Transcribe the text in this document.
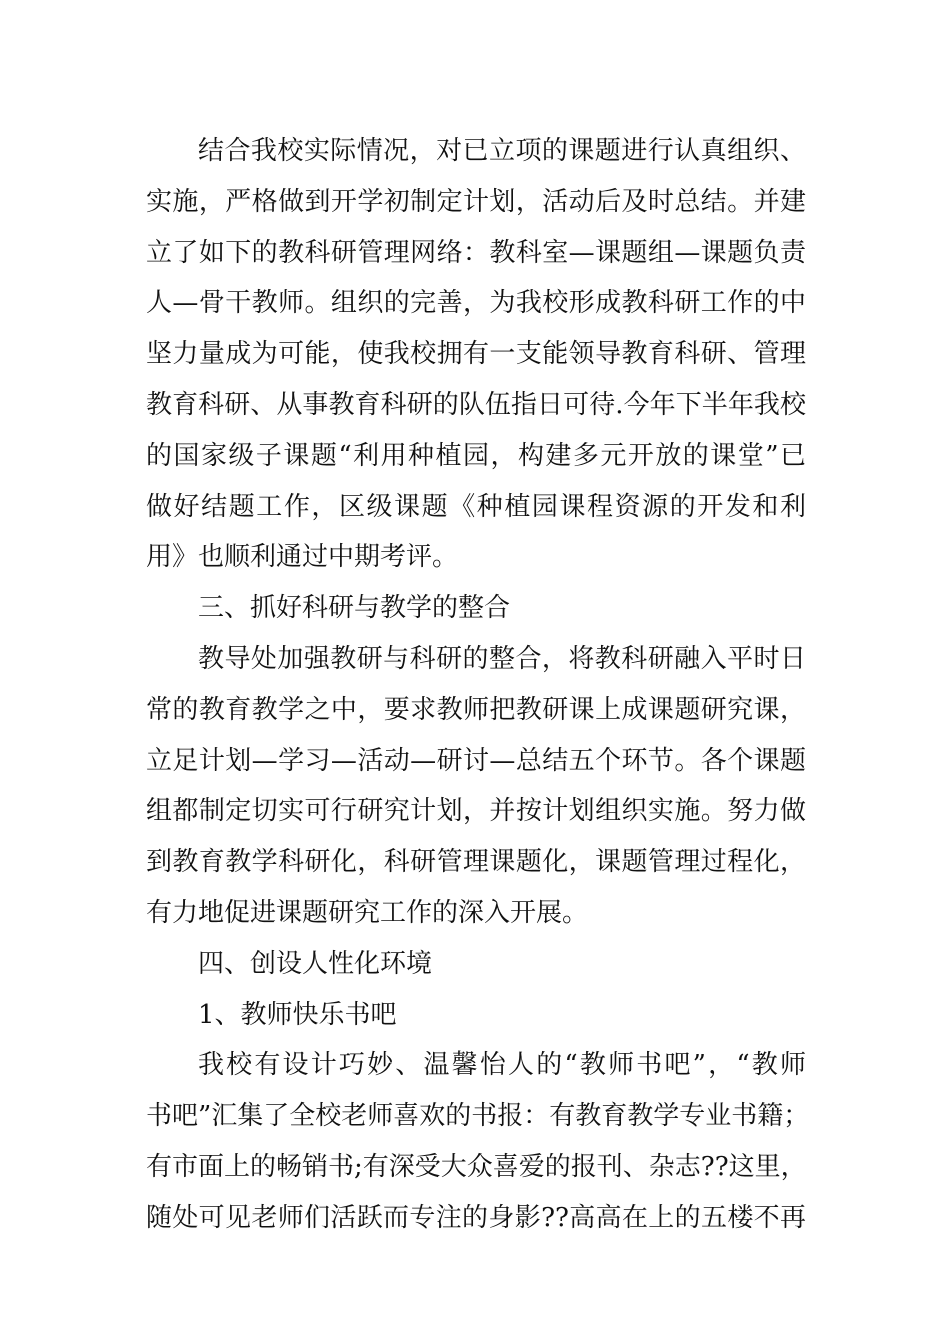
结合我校实际情况，对已立项的课题进行认真组织、
实施，严格做到开学初制定计划，活动后及时总结。并建
立了如下的教科研管理网络：教科室—课题组—课题负责
人—骨干教师。组织的完善，为我校形成教科研工作的中
坚力量成为可能，使我校拥有一支能领导教育科研、管理
教育科研、从事教育科研的队伍指日可待.今年下半年我校
的国家级子课题“利用种植园，构建多元开放的课堂”已
做好结题工作，区级课题《种植园课程资源的开发和利
用》也顺利通过中期考评。
三、抓好科研与教学的整合
教导处加强教研与科研的整合，将教科研融入平时日
常的教育教学之中，要求教师把教研课上成课题研究课，
立足计划—学习—活动—研讨—总结五个环节。各个课题
组都制定切实可行研究计划，并按计划组织实施。努力做
到教育教学科研化，科研管理课题化，课题管理过程化，
有力地促进课题研究工作的深入开展。
四、创设人性化环境
1、教师快乐书吧
我校有设计巧妙、温馨怡人的“教师书吧”，“教师
书吧”汇集了全校老师喜欢的书报：有教育教学专业书籍；
有市面上的畅销书;有深受大众喜爱的报刊、杂志??这里，
随处可见老师们活跃而专注的身影??高高在上的五楼不再
